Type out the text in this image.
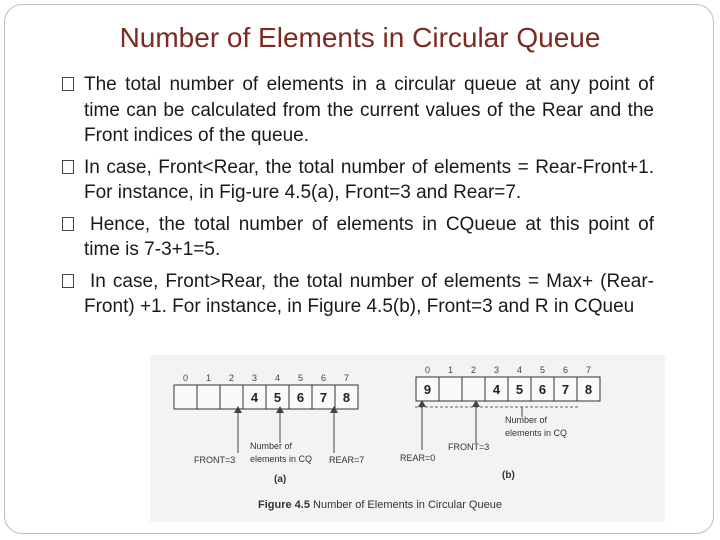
Number of Elements in Circular Queue
The total number of elements in a circular queue at any point of time can be calculated from the current values of the Rear and the Front indices of the queue.
In case, Front<Rear, the total number of elements = Rear-Front+1. For instance, in Fig-ure 4.5(a), Front=3 and Rear=7.
Hence, the total number of elements in CQueue at this point of time is 7-3+1=5.
In case, Front>Rear, the total number of elements = Max+ (Rear-Front) +1. For instance, in Figure 4.5(b), Front=3 and R in CQueu
0 1 2 3 4 5 6 7
4 5 6 7 8
FRONT=3
Number of
elements in CQ REAR=7
(a)
0 1 2 3 4 5 6 7
9	4 5 6 7 8
REAR=0
FRONT=3
Number of
elements in CQ
(b)
Figure 4.5 Number of Elements in Circular Queue
